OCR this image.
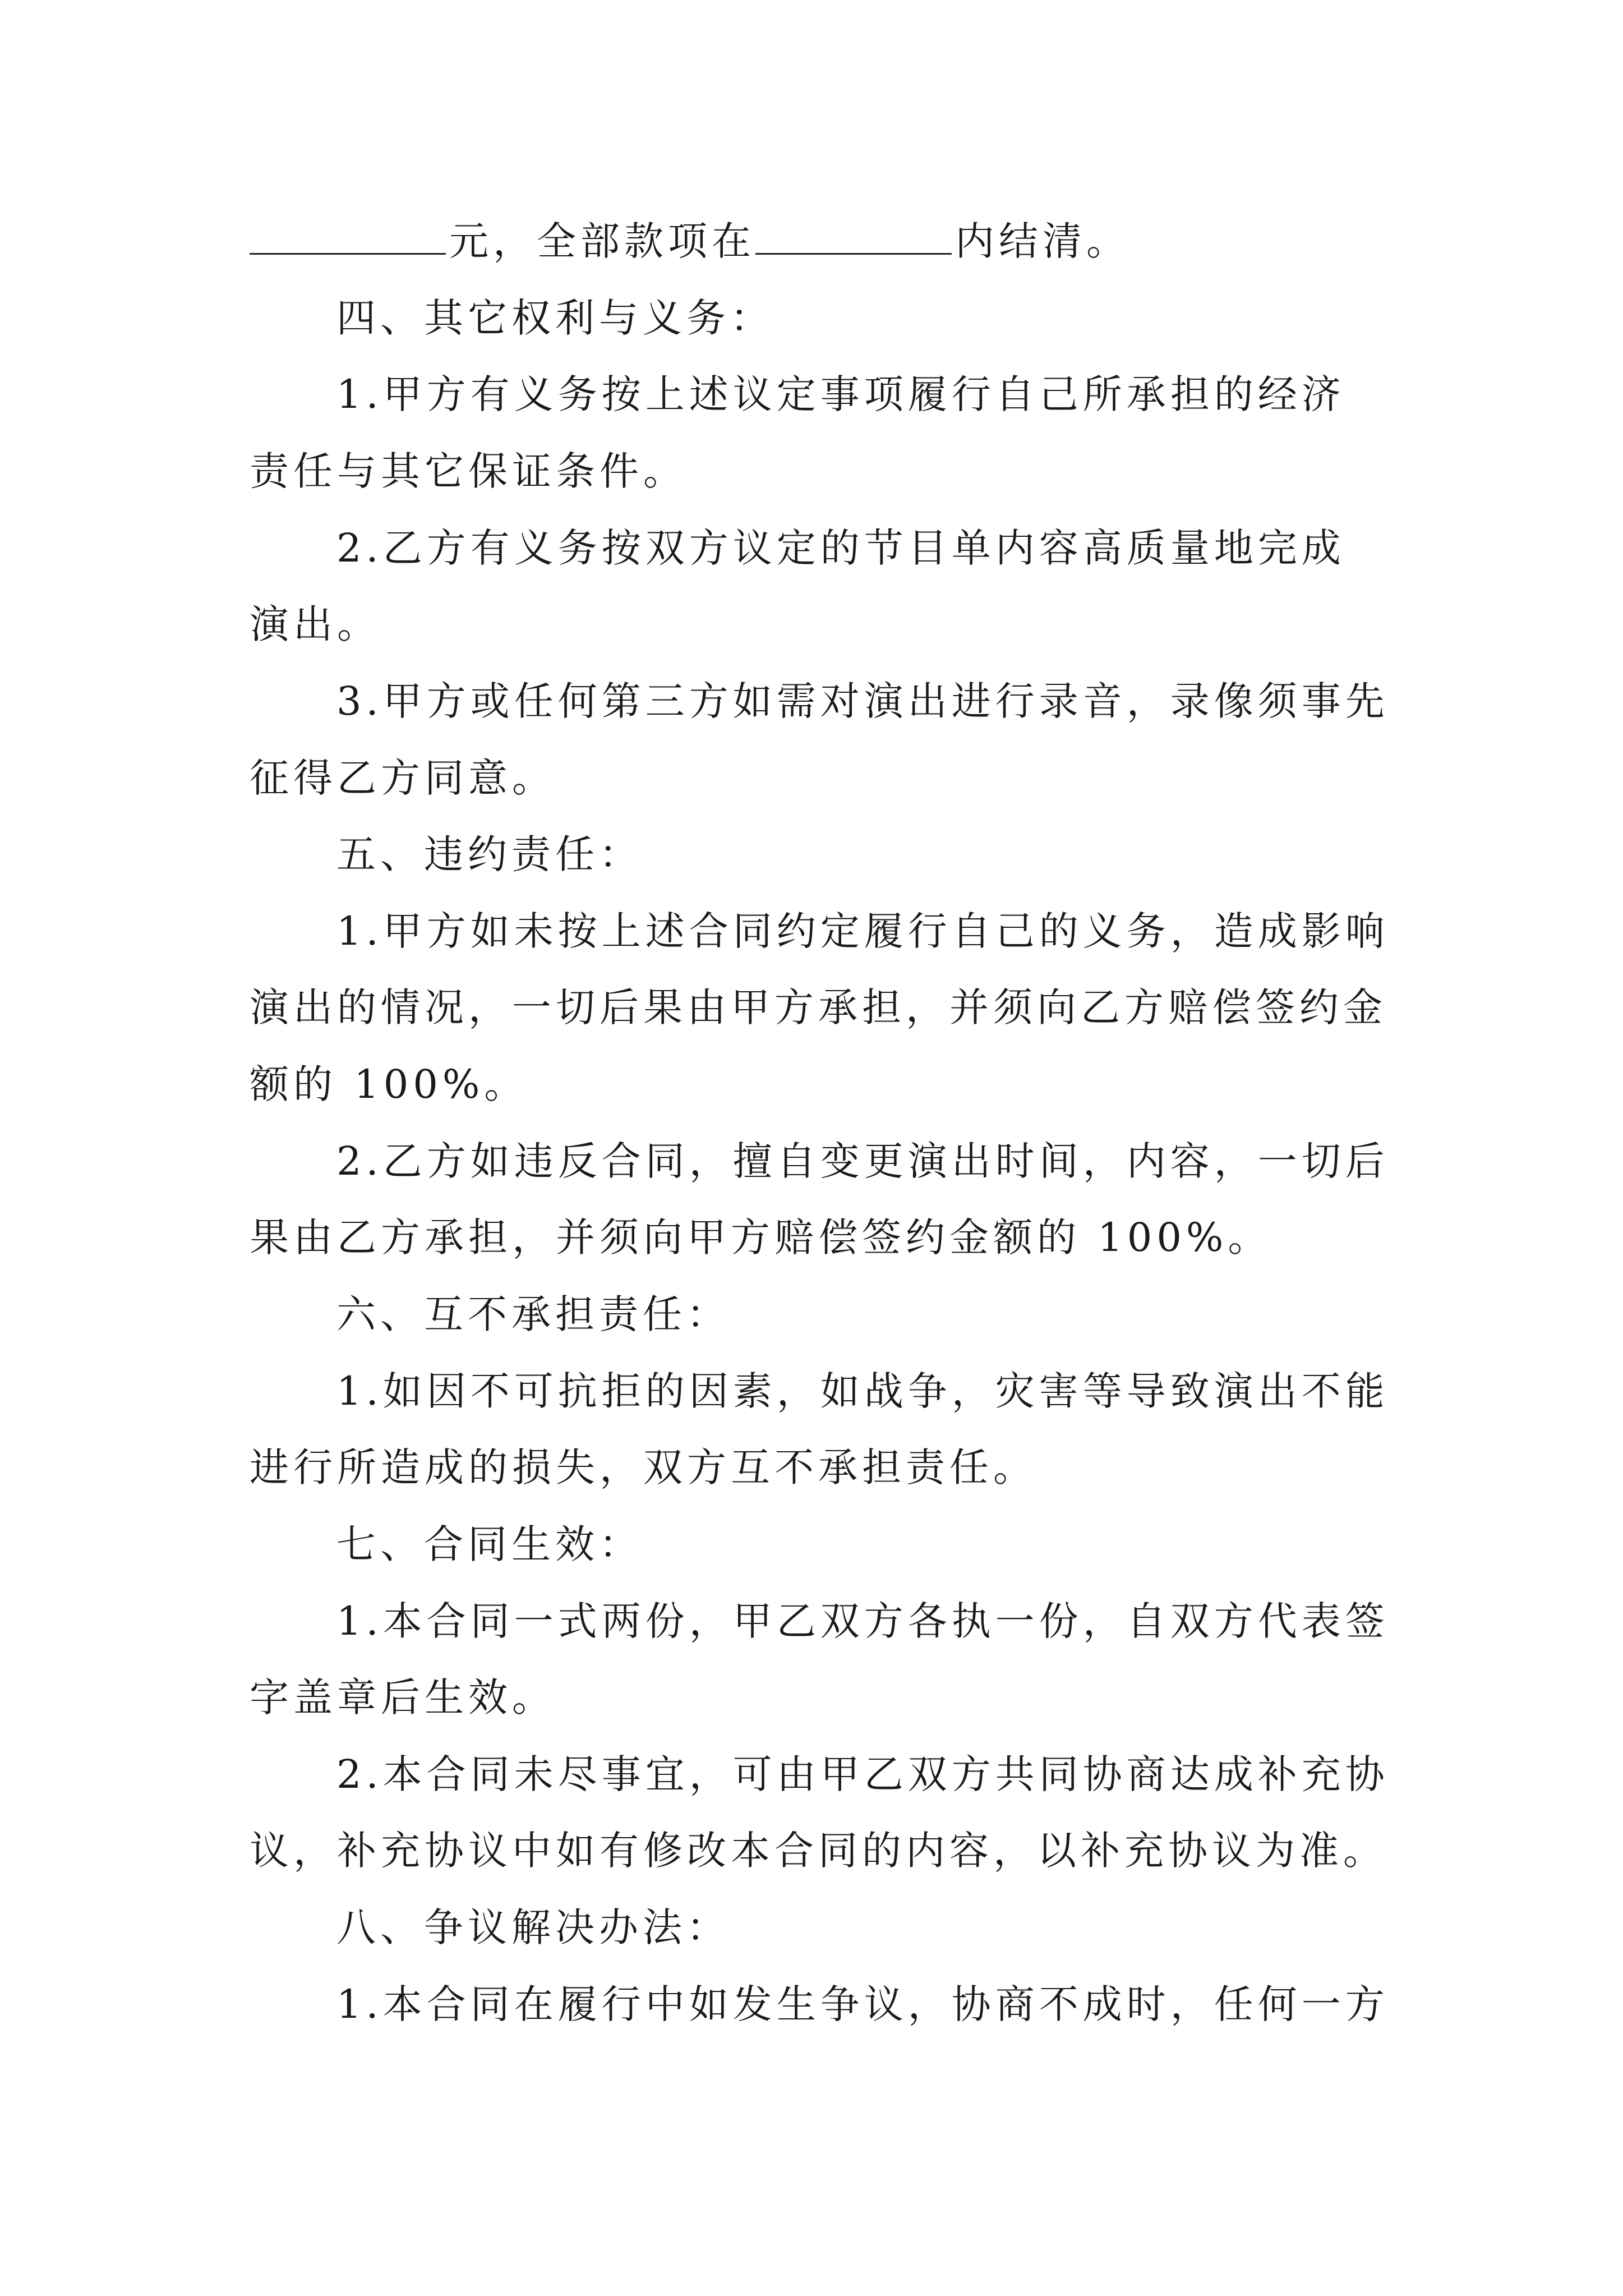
元，全部款项在	内结清。
四、其它权利与义务：
1.甲方有义务按上述议定事项履行自己所承担的经济
责任与其它保证条件。
2.乙方有义务按双方议定的节目单内容高质量地完成
演出。
3.甲方或任何第三方如需对演出进行录音，录像须事先
征得乙方同意。
五、违约责任：
1.甲方如未按上述合同约定履行自己的义务，造成影响
演出的情况，一切后果由甲方承担，并须向乙方赔偿签约金
额的 100%。
2.乙方如违反合同，擅自变更演出时间，内容，一切后
果由乙方承担，并须向甲方赔偿签约金额的 100%。
六、互不承担责任：
1.如因不可抗拒的因素，如战争，灾害等导致演出不能
进行所造成的损失，双方互不承担责任。
七、合同生效：
1.本合同一式两份，甲乙双方各执一份，自双方代表签
字盖章后生效。
2.本合同未尽事宜，可由甲乙双方共同协商达成补充协
议，补充协议中如有修改本合同的内容，以补充协议为准。
八、争议解决办法：
1.本合同在履行中如发生争议，协商不成时，任何一方
